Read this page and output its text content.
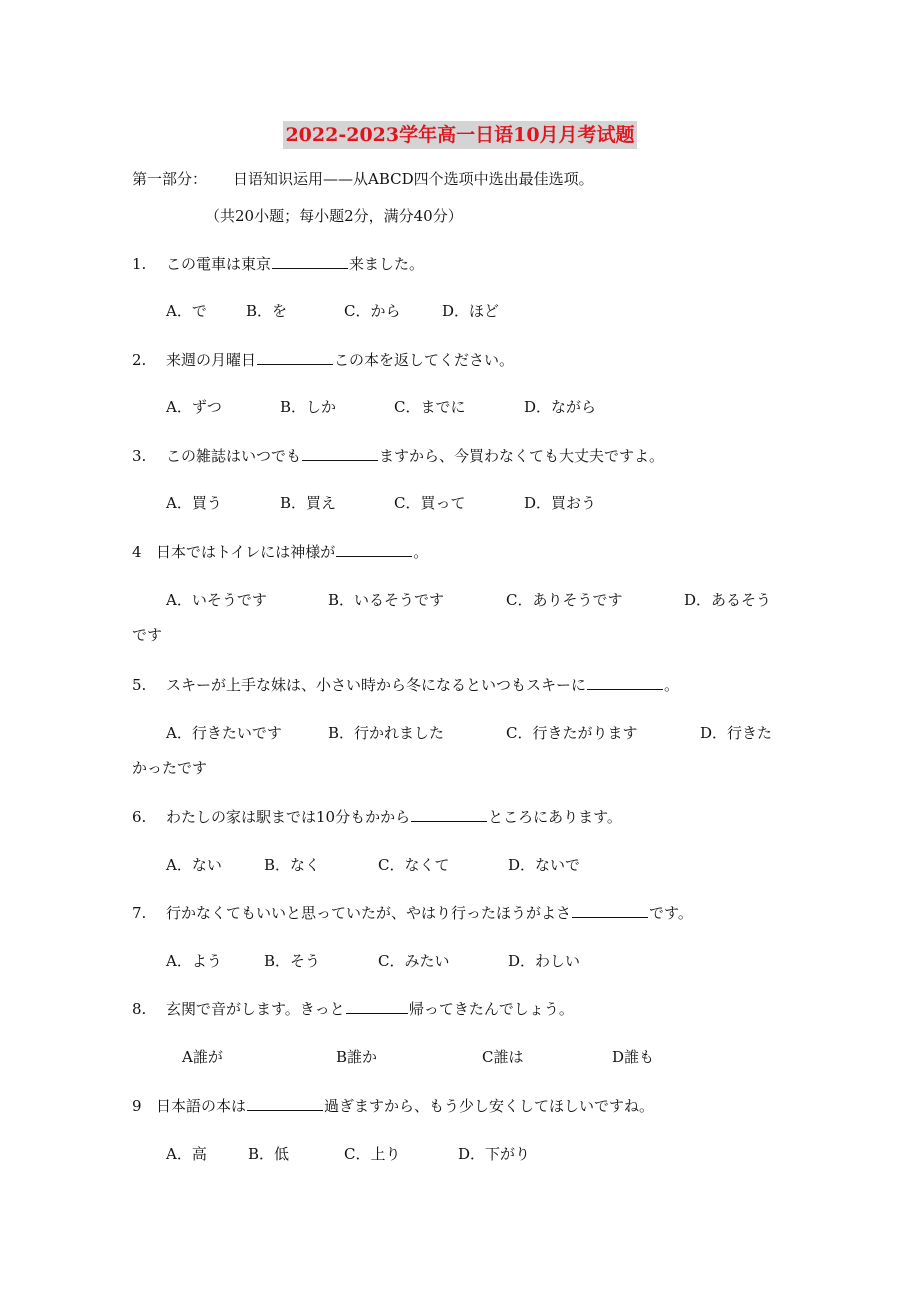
2022-2023学年高一日语10月月考试题
第一部分： 日语知识运用——从ABCD四个选项中选出最佳选项。
（共20小题；每小题2分，满分40分）
1. この電車は東京	来ました。
A．で	B．を	C．から	D．ほど
2. 来週の月曜日	この本を返してください。
A．ずつ	B．しか	C．までに	D．ながら
3. この雑誌はいつでも	ますから、今買わなくても大丈夫ですよ。
A．買う	B．買え	C．買って	D．買おう
4 日本ではトイレには神様が	。
A．いそうです	B．いるそうです	C．ありそうです	D．あるそう
です
5. スキーが上手な妹は、小さい時から冬になるといつもスキーに	。
A．行きたいです	B．行かれました	C．行きたがります	D．行きた
かったです
6. わたしの家は駅までは10分もかから	ところにあります。
A．ない	B．なく	C．なくて	D．ないで
7. 行かなくてもいいと思っていたが、やはり行ったほうがよさ	です。
A．よう	B．そう	C．みたい	D．わしい
8. 玄関で音がします。きっと	帰ってきたんでしょう。
A誰が	B誰か	C誰は	D誰も
9 日本語の本は	過ぎますから、もう少し安くしてほしいですね。
A．高	B．低	C．上り	D．下がり
